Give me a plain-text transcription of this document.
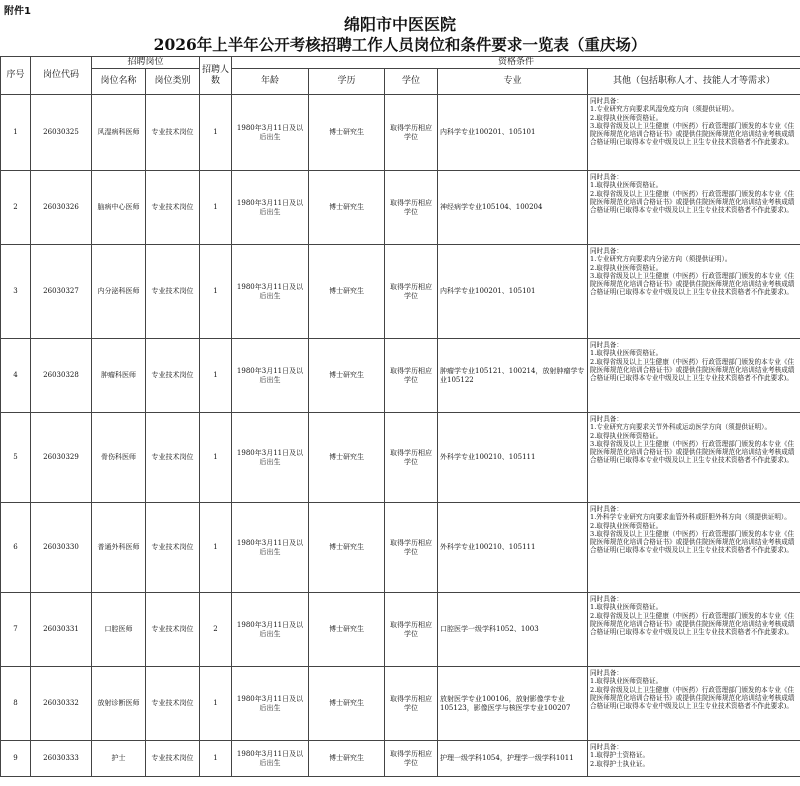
附件1
绵阳市中医医院
2026年上半年公开考核招聘工作人员岗位和条件要求一览表（重庆场）
序号	岗位代码	招聘岗位		招聘人数	资格条件				
		岗位名称	岗位类别		年龄	学历	学位	专业	其他（包括职称人才、技能人才等需求）
1	26030325	风湿病科医师	专业技术岗位	1	1980年3月11日及以后出生	博士研究生	取得学历相应学位	内科学专业100201、105101	同时具备：
1.专业研究方向要求风湿免疫方向（须提供证明）。
2.取得执业医师资格证。
3.取得省级及以上卫生健康（中医药）行政管理部门颁发的本专业《住院医师规范化培训合格证书》或提供住院医师规范化培训结业考核成绩合格证明(已取得本专业中级及以上卫生专业技术资格者不作此要求)。

2	26030326	脑病中心医师	专业技术岗位	1	1980年3月11日及以后出生	博士研究生	取得学历相应学位	神经病学专业105104、100204	同时具备：
1.取得执业医师资格证。
2.取得省级及以上卫生健康（中医药）行政管理部门颁发的本专业《住院医师规范化培训合格证书》或提供住院医师规范化培训结业考核成绩合格证明(已取得本专业中级及以上卫生专业技术资格者不作此要求)。

3	26030327	内分泌科医师	专业技术岗位	1	1980年3月11日及以后出生	博士研究生	取得学历相应学位	内科学专业100201、105101	同时具备：
1.专业研究方向要求内分泌方向（须提供证明）。
2.取得执业医师资格证。
3.取得省级及以上卫生健康（中医药）行政管理部门颁发的本专业《住院医师规范化培训合格证书》或提供住院医师规范化培训结业考核成绩合格证明(已取得本专业中级及以上卫生专业技术资格者不作此要求)。

4	26030328	肿瘤科医师	专业技术岗位	1	1980年3月11日及以后出生	博士研究生	取得学历相应学位	肿瘤学专业105121、100214，放射肿瘤学专业105122	同时具备：
1.取得执业医师资格证。
2.取得省级及以上卫生健康（中医药）行政管理部门颁发的本专业《住院医师规范化培训合格证书》或提供住院医师规范化培训结业考核成绩合格证明(已取得本专业中级及以上卫生专业技术资格者不作此要求)。

5	26030329	骨伤科医师	专业技术岗位	1	1980年3月11日及以后出生	博士研究生	取得学历相应学位	外科学专业100210、105111	同时具备：
1.专业研究方向要求关节外科或运动医学方向（须提供证明）。
2.取得执业医师资格证。
3.取得省级及以上卫生健康（中医药）行政管理部门颁发的本专业《住院医师规范化培训合格证书》或提供住院医师规范化培训结业考核成绩合格证明(已取得本专业中级及以上卫生专业技术资格者不作此要求)。

6	26030330	普通外科医师	专业技术岗位	1	1980年3月11日及以后出生	博士研究生	取得学历相应学位	外科学专业100210、105111	同时具备：
1.外科学专业研究方向要求血管外科或肝胆外科方向（须提供证明）。
2.取得执业医师资格证。
3.取得省级及以上卫生健康（中医药）行政管理部门颁发的本专业《住院医师规范化培训合格证书》或提供住院医师规范化培训结业考核成绩合格证明(已取得本专业中级及以上卫生专业技术资格者不作此要求)。

7	26030331	口腔医师	专业技术岗位	2	1980年3月11日及以后出生	博士研究生	取得学历相应学位	口腔医学一级学科1052、1003	同时具备：
1.取得执业医师资格证。
2.取得省级及以上卫生健康（中医药）行政管理部门颁发的本专业《住院医师规范化培训合格证书》或提供住院医师规范化培训结业考核成绩合格证明(已取得本专业中级及以上卫生专业技术资格者不作此要求)。

8	26030332	放射诊断医师	专业技术岗位	1	1980年3月11日及以后出生	博士研究生	取得学历相应学位	放射医学专业100106，放射影像学专业105123，影像医学与核医学专业100207	同时具备：
1.取得执业医师资格证。
2.取得省级及以上卫生健康（中医药）行政管理部门颁发的本专业《住院医师规范化培训合格证书》或提供住院医师规范化培训结业考核成绩合格证明(已取得本专业中级及以上卫生专业技术资格者不作此要求)。

9	26030333	护士	专业技术岗位	1	1980年3月11日及以后出生	博士研究生	取得学历相应学位	护理一级学科1054，护理学一级学科1011	同时具备：
1.取得护士资格证。
2.取得护士执业证。
